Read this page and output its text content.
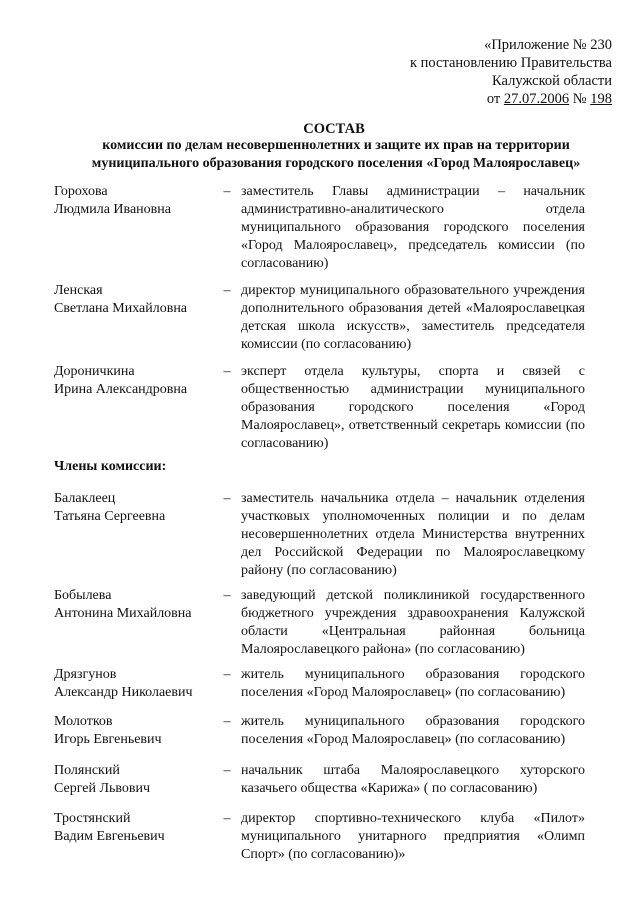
«Приложение № 230
к постановлению Правительства
Калужской области
от 27.07.2006 № 198
СОСТАВ
комиссии по делам несовершеннолетних и защите их прав на территории муниципального образования городского поселения «Город Малоярославец»
Горохова
Людмила Ивановна
– заместитель Главы администрации – начальник административно-аналитического отдела муниципального образования городского поселения «Город Малоярославец», председатель комиссии (по согласованию)
Ленская
Светлана Михайловна
– директор муниципального образовательного учреждения дополнительного образования детей «Малоярославецкая детская школа искусств», заместитель председателя комиссии (по согласованию)
Дороничкина
Ирина Александровна
– эксперт отдела культуры, спорта и связей с общественностью администрации муниципального образования городского поселения «Город Малоярославец», ответственный секретарь комиссии (по согласованию)
Члены комиссии:
Балаклеец
Татьяна Сергеевна
– заместитель начальника отдела – начальник отделения участковых уполномоченных полиции и по делам несовершеннолетних отдела Министерства внутренних дел Российской Федерации по Малоярославецкому району (по согласованию)
Бобылева
Антонина Михайловна
– заведующий детской поликлиникой государственного бюджетного учреждения здравоохранения Калужской области «Центральная районная больница Малоярославецкого района» (по согласованию)
Дрязгунов
Александр Николаевич
– житель муниципального образования городского поселения «Город Малоярославец» (по согласованию)
Молотков
Игорь Евгеньевич
– житель муниципального образования городского поселения «Город Малоярославец» (по согласованию)
Полянский
Сергей Львович
– начальник штаба Малоярославецкого хуторского казачьего общества «Карижа» ( по согласованию)
Тростянский
Вадим Евгеньевич
– директор спортивно-технического клуба «Пилот» муниципального унитарного предприятия «Олимп Спорт» (по согласованию)»
